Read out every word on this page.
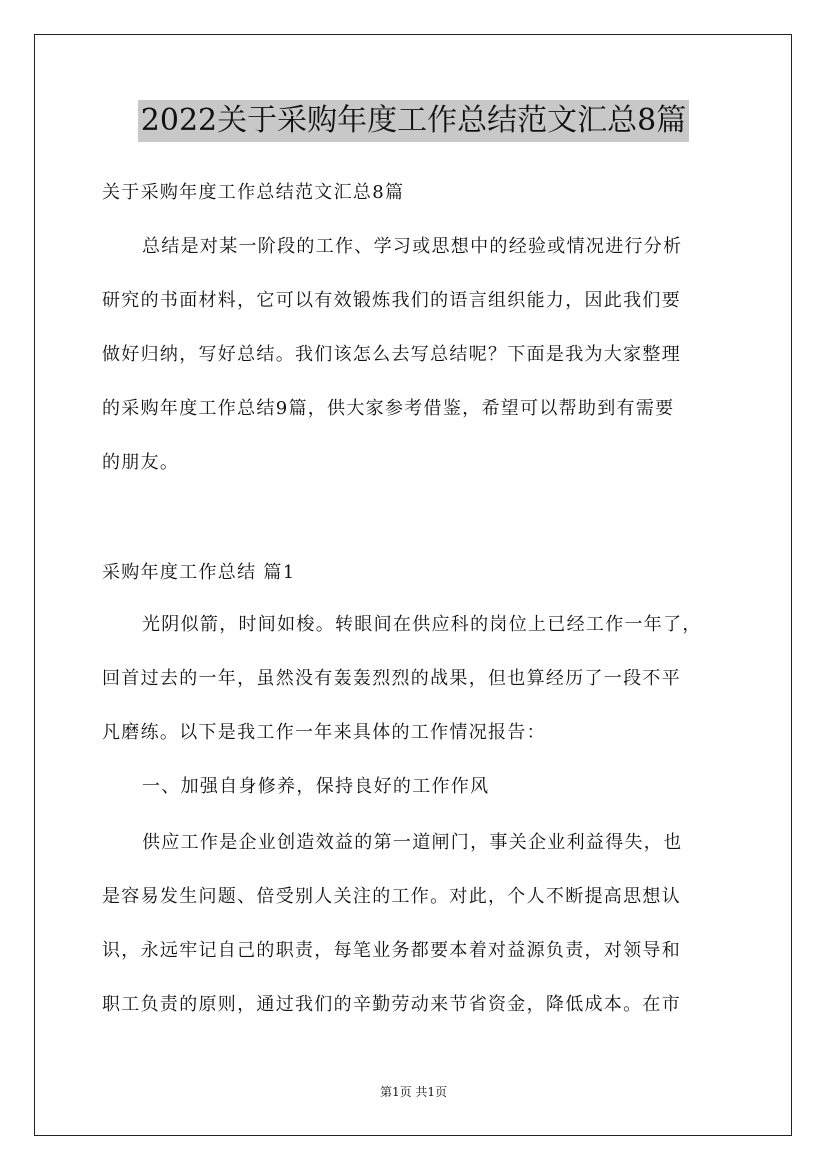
2022关于采购年度工作总结范文汇总8篇
关于采购年度工作总结范文汇总8篇
总结是对某一阶段的工作、学习或思想中的经验或情况进行分析
研究的书面材料，它可以有效锻炼我们的语言组织能力，因此我们要
做好归纳，写好总结。我们该怎么去写总结呢？下面是我为大家整理
的采购年度工作总结9篇，供大家参考借鉴，希望可以帮助到有需要
的朋友。
采购年度工作总结 篇1
光阴似箭，时间如梭。转眼间在供应科的岗位上已经工作一年了，
回首过去的一年，虽然没有轰轰烈烈的战果，但也算经历了一段不平
凡磨练。以下是我工作一年来具体的工作情况报告：
一、加强自身修养，保持良好的工作作风
供应工作是企业创造效益的第一道闸门，事关企业利益得失，也
是容易发生问题、倍受别人关注的工作。对此，个人不断提高思想认
识，永远牢记自己的职责，每笔业务都要本着对益源负责，对领导和
职工负责的原则，通过我们的辛勤劳动来节省资金，降低成本。在市
第1页 共1页
